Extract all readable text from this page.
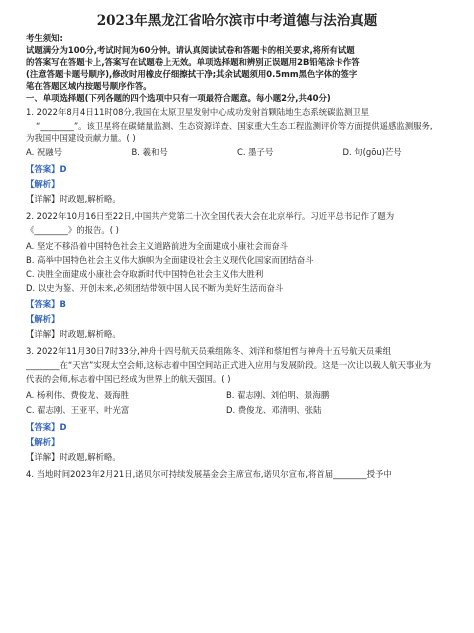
2023年黑龙江省哈尔滨市中考道德与法治真题
考生须知:
试题满分为100分,考试时间为60分钟。请认真阅读试卷和答题卡的相关要求,将所有试题
的答案写在答题卡上,答案写在试题卷上无效。单项选择题和辨别正误题用2B铅笔涂卡作答
(注意答题卡题号顺序),修改时用橡皮仔细擦拭干净;其余试题须用0.5mm黑色字体的签字
笔在答题区域内按题号顺序作答。
一、单项选择题(下列各题的四个选项中只有一项最符合题意。每小题2分,共40分)
1. 2022年8月4日11时08分,我国在太原卫星发射中心成功发射首颗陆地生态系统碳监测卫星
“________”。该卫星将在碳储量监测、生态资源详查、国家重大生态工程监测评价等方面提供遥感监测服务,
为我国中国建设贡献力量。( )
A. 祝融号	B. 羲和号	C. 墨子号	D. 句(gōu)芒号
【答案】D
【解析】
【详解】时政题,解析略。
2. 2022年10月16日至22日,中国共产党第二十次全国代表大会在北京举行。习近平总书记作了题为
《________》的报告。( )
A. 坚定不移沿着中国特色社会主义道路前进为全面建成小康社会而奋斗
B. 高举中国特色社会主义伟大旗帜为全面建设社会主义现代化国家而团结奋斗
C. 决胜全面建成小康社会夺取新时代中国特色社会主义伟大胜利
D. 以史为鉴、开创未来,必须团结带领中国人民不断为美好生活而奋斗
【答案】B
【解析】
【详解】时政题,解析略。
3. 2022年11月30日7时33分,神舟十四号航天员乘组陈冬、刘洋和蔡旭哲与神舟十五号航天员乘组
________在“天宫”实现太空会师,这标志着中国空间站正式进入应用与发展阶段。这是一次让以载人航天事业为
代表的会师,标志着中国已经成为世界上的航天强国。( )
A. 杨利伟、费俊龙、聂海胜	B. 翟志刚、刘伯明、景海鹏
C. 翟志刚、王亚平、叶光富	D. 费俊龙、邓清明、张陆
【答案】D
【解析】
【详解】时政题,解析略。
4. 当地时间2023年2月21日,诺贝尔可持续发展基金会主席宣布,诺贝尔宣布,将首届________授予中
